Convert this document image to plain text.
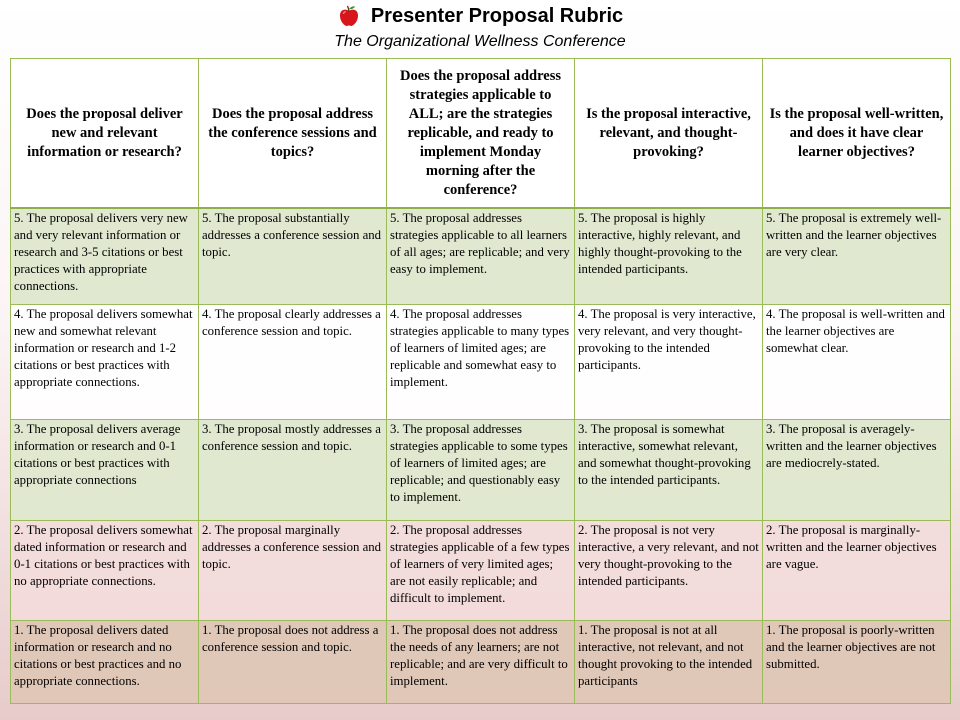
Presenter Proposal Rubric
The Organizational Wellness Conference
Does the proposal deliver new and relevant information or research?	Does the proposal address the conference sessions and topics?	Does the proposal address strategies applicable to ALL; are the strategies replicable, and ready to implement Monday morning after the conference?	Is the proposal interactive, relevant, and thought-provoking?	Is the proposal well-written, and does it have clear learner objectives?
5. The proposal delivers very new and very relevant information or research and 3-5 citations or best practices with appropriate connections.	5. The proposal substantially addresses a conference session and topic.	5. The proposal addresses strategies applicable to all learners of all ages; are replicable; and very easy to implement.	5. The proposal is highly interactive, highly relevant, and highly thought-provoking to the intended participants.	5. The proposal is extremely well-written and the learner objectives are very clear.
4. The proposal delivers somewhat new and somewhat relevant information or research and 1-2 citations or best practices with appropriate connections.	4. The proposal clearly addresses a conference session and topic.	4. The proposal addresses strategies applicable to many types of learners of limited ages; are replicable and somewhat easy to implement.	4. The proposal is very interactive, very relevant, and very thought-provoking to the intended participants.	4. The proposal is well-written and the learner objectives are somewhat clear.
3. The proposal delivers average information or research and 0-1 citations or best practices with appropriate connections	3. The proposal mostly addresses a conference session and topic.	3. The proposal addresses strategies applicable to some types of learners of limited ages; are replicable; and questionably easy to implement.	3. The proposal is somewhat interactive, somewhat relevant, and somewhat thought-provoking to the intended participants.	3. The proposal is averagely-written and the learner objectives are mediocrely-stated.
2. The proposal delivers somewhat dated information or research and 0-1 citations or best practices with no appropriate connections.	2. The proposal marginally addresses a conference session and topic.	2. The proposal addresses strategies applicable of a few types of learners of very limited ages; are not easily replicable; and difficult to implement.	2. The proposal is not very interactive, a very relevant, and not very thought-provoking to the intended participants.	2. The proposal is marginally-written and the learner objectives are vague.
1. The proposal delivers dated information or research and no citations or best practices and no appropriate connections.	1. The proposal does not address a conference session and topic.	1. The proposal does not address the needs of any learners; are not replicable; and are very difficult to implement.	1. The proposal is not at all interactive, not relevant, and not thought provoking to the intended participants	1. The proposal is poorly-written and the learner objectives are not submitted.
